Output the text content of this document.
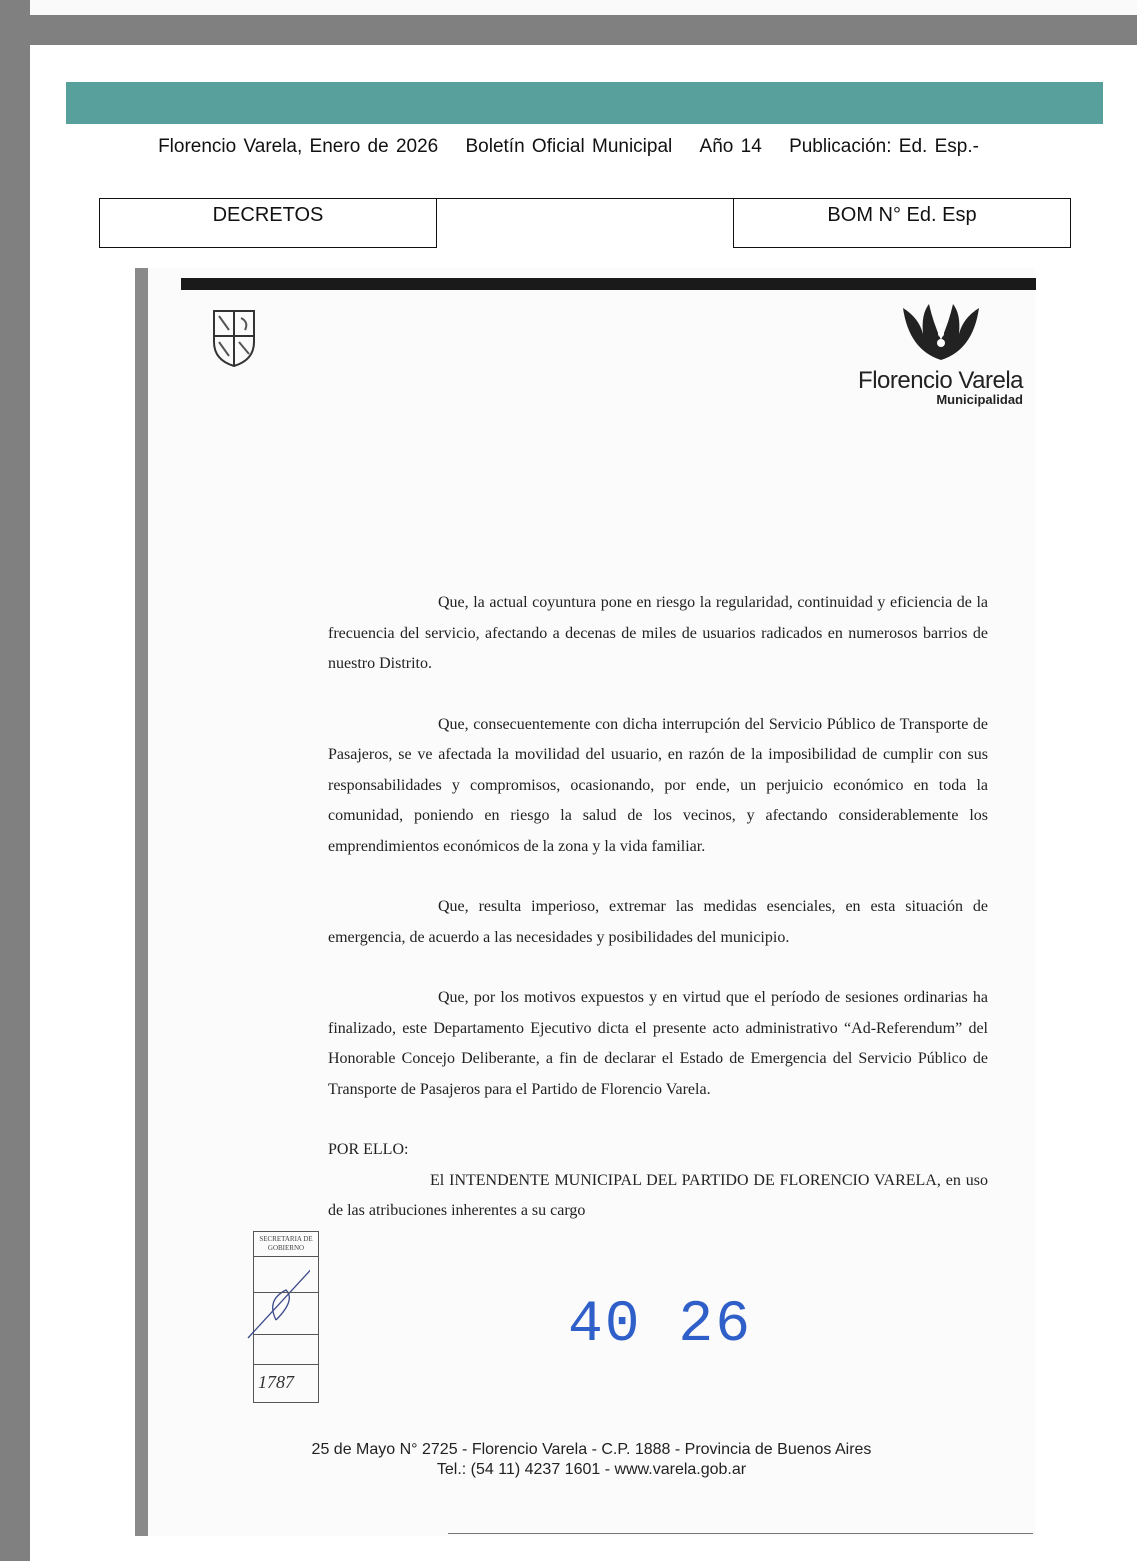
Florencio Varela, Enero de 2026 Boletín Oficial Municipal Año 14 Publicación: Ed. Esp.-
DECRETOS	BOM N° Ed. Esp
Florencio Varela
Municipalidad

Que, la actual coyuntura pone en riesgo la regularidad, continuidad y eficiencia de la frecuencia del servicio, afectando a decenas de miles de usuarios radicados en numerosos barrios de nuestro Distrito.

Que, consecuentemente con dicha interrupción del Servicio Público de Transporte de Pasajeros, se ve afectada la movilidad del usuario, en razón de la imposibilidad de cumplir con sus responsabilidades y compromisos, ocasionando, por ende, un perjuicio económico en toda la comunidad, poniendo en riesgo la salud de los vecinos, y afectando considerablemente los emprendimientos económicos de la zona y la vida familiar.

Que, resulta imperioso, extremar las medidas esenciales, en esta situación de emergencia, de acuerdo a las necesidades y posibilidades del municipio.

Que, por los motivos expuestos y en virtud que el período de sesiones ordinarias ha finalizado, este Departamento Ejecutivo dicta el presente acto administrativo “Ad-Referendum” del Honorable Concejo Deliberante, a fin de declarar el Estado de Emergencia del Servicio Público de Transporte de Pasajeros para el Partido de Florencio Varela.

POR ELLO:

El INTENDENTE MUNICIPAL DEL PARTIDO DE FLORENCIO VARELA, en uso de las atribuciones inherentes a su cargo

SECRETARIA DE GOBIERNO
1787
40 26
25 de Mayo N° 2725 - Florencio Varela - C.P. 1888 - Provincia de Buenos Aires
Tel.: (54 11) 4237 1601 - www.varela.gob.ar
